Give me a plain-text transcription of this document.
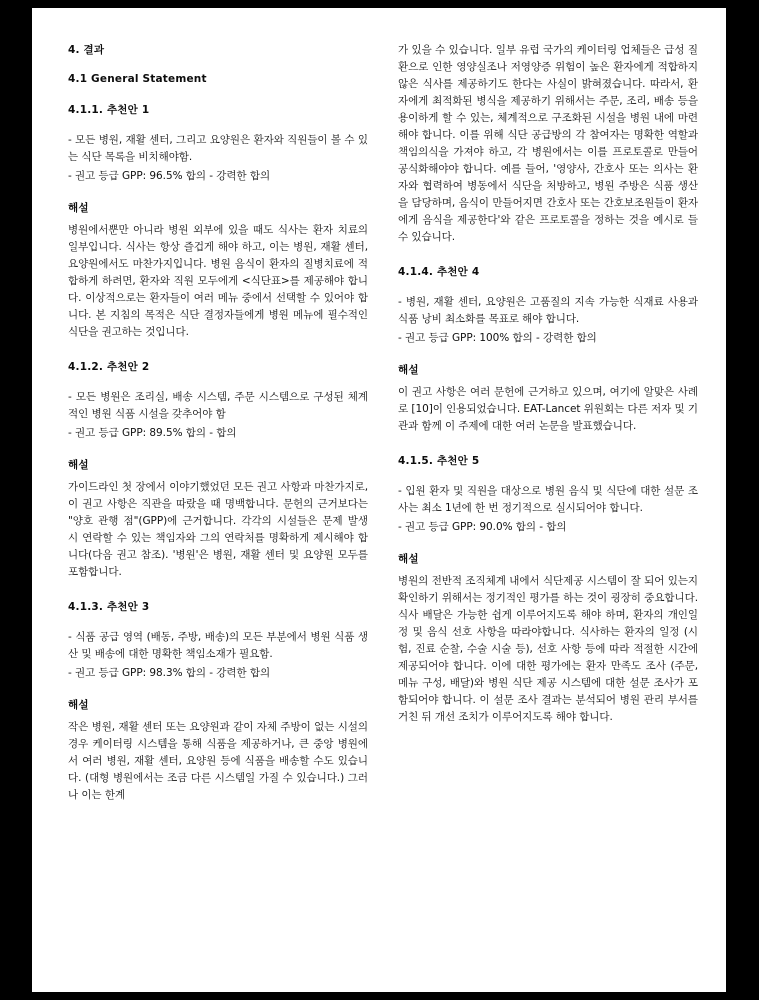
4. 결과
4.1 General Statement
4.1.1. 추천안 1
- 모든 병원, 재활 센터, 그리고 요양원은 환자와 직원들이 볼 수 있는 식단 목록을 비치해야함.
- 권고 등급 GPP: 96.5% 합의 - 강력한 합의
해설
병원에서뿐만 아니라 병원 외부에 있을 때도 식사는 환자 치료의 일부입니다. 식사는 항상 즐겁게 해야 하고, 이는 병원, 재활 센터, 요양원에서도 마찬가지입니다. 병원 음식이 환자의 질병치료에 적합하게 하려면, 환자와 직원 모두에게 <식단표>를 제공해야 합니다. 이상적으로는 환자들이 여러 메뉴 중에서 선택할 수 있어야 합니다. 본 지침의 목적은 식단 결정자들에게 병원 메뉴에 필수적인 식단을 권고하는 것입니다.
4.1.2. 추천안 2
- 모든 병원은 조리실, 배송 시스템, 주문 시스템으로 구성된 체계적인 병원 식품 시설을 갖추어야 함
- 권고 등급 GPP: 89.5% 합의 - 합의
해설
가이드라인 첫 장에서 이야기했었던 모든 권고 사항과 마찬가지로, 이 권고 사항은 직관을 따랐을 때 명백합니다. 문헌의 근거보다는 "양호 관행 점"(GPP)에 근거합니다. 각각의 시설들은 문제 발생 시 연락할 수 있는 책임자와 그의 연락처를 명확하게 제시해야 합니다(다음 권고 참조). '병원'은 병원, 재활 센터 및 요양원 모두를 포함합니다.
4.1.3. 추천안 3
- 식품 공급 영역 (배동, 주방, 배송)의 모든 부분에서 병원 식품 생산 및 배송에 대한 명확한 책임소재가 필요함.
- 권고 등급 GPP: 98.3% 합의 - 강력한 합의
해설
작은 병원, 재활 센터 또는 요양원과 같이 자체 주방이 없는 시설의 경우 케이터링 시스템을 통해 식품을 제공하거나, 큰 중앙 병원에서 여러 병원, 재활 센터, 요양원 등에 식품을 배송할 수도 있습니다. (대형 병원에서는 조금 다른 시스템일 가질 수 있습니다.) 그러나 이는 한계
가 있을 수 있습니다. 일부 유럽 국가의 케이터링 업체들은 급성 질환으로 인한 영양실조나 저영양증 위험이 높은 환자에게 적합하지 않은 식사를 제공하기도 한다는 사실이 밝혀졌습니다. 따라서, 환자에게 최적화된 병식을 제공하기 위해서는 주문, 조리, 배송 등을 용이하게 할 수 있는, 체계적으로 구조화된 시설을 병원 내에 마련해야 합니다. 이를 위해 식단 공급방의 각 참여자는 명확한 역할과 책임의식을 가져야 하고, 각 병원에서는 이를 프로토콜로 만들어 공식화해야야 합니다. 예를 들어, '영양사, 간호사 또는 의사는 환자와 협력하여 병동에서 식단을 처방하고, 병원 주방은 식품 생산을 담당하며, 음식이 만들어지면 간호사 또는 간호보조원들이 환자에게 음식을 제공한다'와 같은 프로토콜을 정하는 것을 예시로 들 수 있습니다.
4.1.4. 추천안 4
- 병원, 재활 센터, 요양원은 고품질의 지속 가능한 식재료 사용과 식품 낭비 최소화를 목표로 해야 합니다.
- 권고 등급 GPP: 100% 합의 - 강력한 합의
해설
이 권고 사항은 여러 문헌에 근거하고 있으며, 여기에 알맞은 사례로 [10]이 인용되었습니다. EAT-Lancet 위원회는 다른 저자 및 기관과 함께 이 주제에 대한 여러 논문을 발표했습니다.
4.1.5. 추천안 5
- 입원 환자 및 직원을 대상으로 병원 음식 및 식단에 대한 설문 조사는 최소 1년에 한 번 정기적으로 실시되어야 합니다.
- 권고 등급 GPP: 90.0% 합의 - 합의
해설
병원의 전반적 조직체계 내에서 식단제공 시스템이 잘 되어 있는지 확인하기 위해서는 정기적인 평가를 하는 것이 굉장히 중요합니다. 식사 배달은 가능한 쉽게 이루어지도록 해야 하며, 환자의 개인일정 및 음식 선호 사항을 따라야합니다. 식사하는 환자의 일정 (시험, 진료 순찰, 수술 시술 등), 선호 사항 등에 따라 적절한 시간에 제공되어야 합니다. 이에 대한 평가에는 환자 만족도 조사 (주문, 메뉴 구성, 배달)와 병원 식단 제공 시스템에 대한 설문 조사가 포함되어야 합니다. 이 설문 조사 결과는 분석되어 병원 관리 부서를 거친 뒤 개선 조치가 이루어지도록 해야 합니다.
